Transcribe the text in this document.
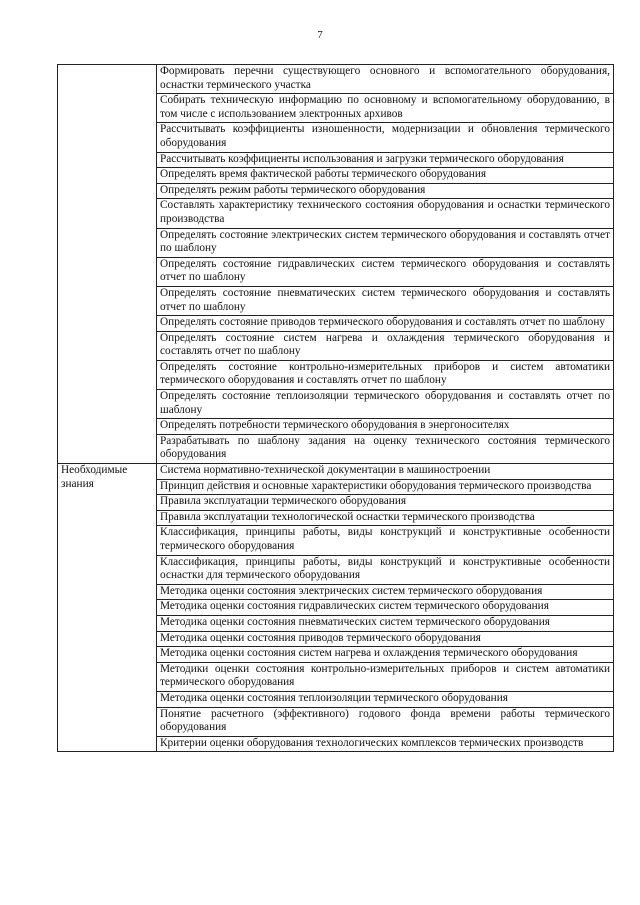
7
	Формировать перечни существующего основного и вспомогательного оборудования, оснастки термического участка
	Собирать техническую информацию по основному и вспомогательному оборудованию, в том числе с использованием электронных архивов
	Рассчитывать коэффициенты изношенности, модернизации и обновления термического оборудования
	Рассчитывать коэффициенты использования и загрузки термического оборудования
	Определять время фактической работы термического оборудования
	Определять режим работы термического оборудования
	Составлять характеристику технического состояния оборудования и оснастки термического производства
	Определять состояние электрических систем термического оборудования и составлять отчет по шаблону
	Определять состояние гидравлических систем термического оборудования и составлять отчет по шаблону
	Определять состояние пневматических систем термического оборудования и составлять отчет по шаблону
	Определять состояние приводов термического оборудования и составлять отчет по шаблону
	Определять состояние систем нагрева и охлаждения термического оборудования и составлять отчет по шаблону
	Определять состояние контрольно-измерительных приборов и систем автоматики термического оборудования и составлять отчет по шаблону
	Определять состояние теплоизоляции термического оборудования и составлять отчет по шаблону
	Определять потребности термического оборудования в энергоносителях
	Разрабатывать по шаблону задания на оценку технического состояния термического оборудования
Необходимые знания	Система нормативно-технической документации в машиностроении
	Принцип действия и основные характеристики оборудования термического производства
	Правила эксплуатации термического оборудования
	Правила эксплуатации технологической оснастки термического производства
	Классификация, принципы работы, виды конструкций и конструктивные особенности термического оборудования
	Классификация, принципы работы, виды конструкций и конструктивные особенности оснастки для термического оборудования
	Методика оценки состояния электрических систем термического оборудования
	Методика оценки состояния гидравлических систем термического оборудования
	Методика оценки состояния пневматических систем термического оборудования
	Методика оценки состояния приводов термического оборудования
	Методика оценки состояния систем нагрева и охлаждения термического оборудования
	Методики оценки состояния контрольно-измерительных приборов и систем автоматики термического оборудования
	Методика оценки состояния теплоизоляции термического оборудования
	Понятие расчетного (эффективного) годового фонда времени работы термического оборудования
	Критерии оценки оборудования технологических комплексов термических производств
